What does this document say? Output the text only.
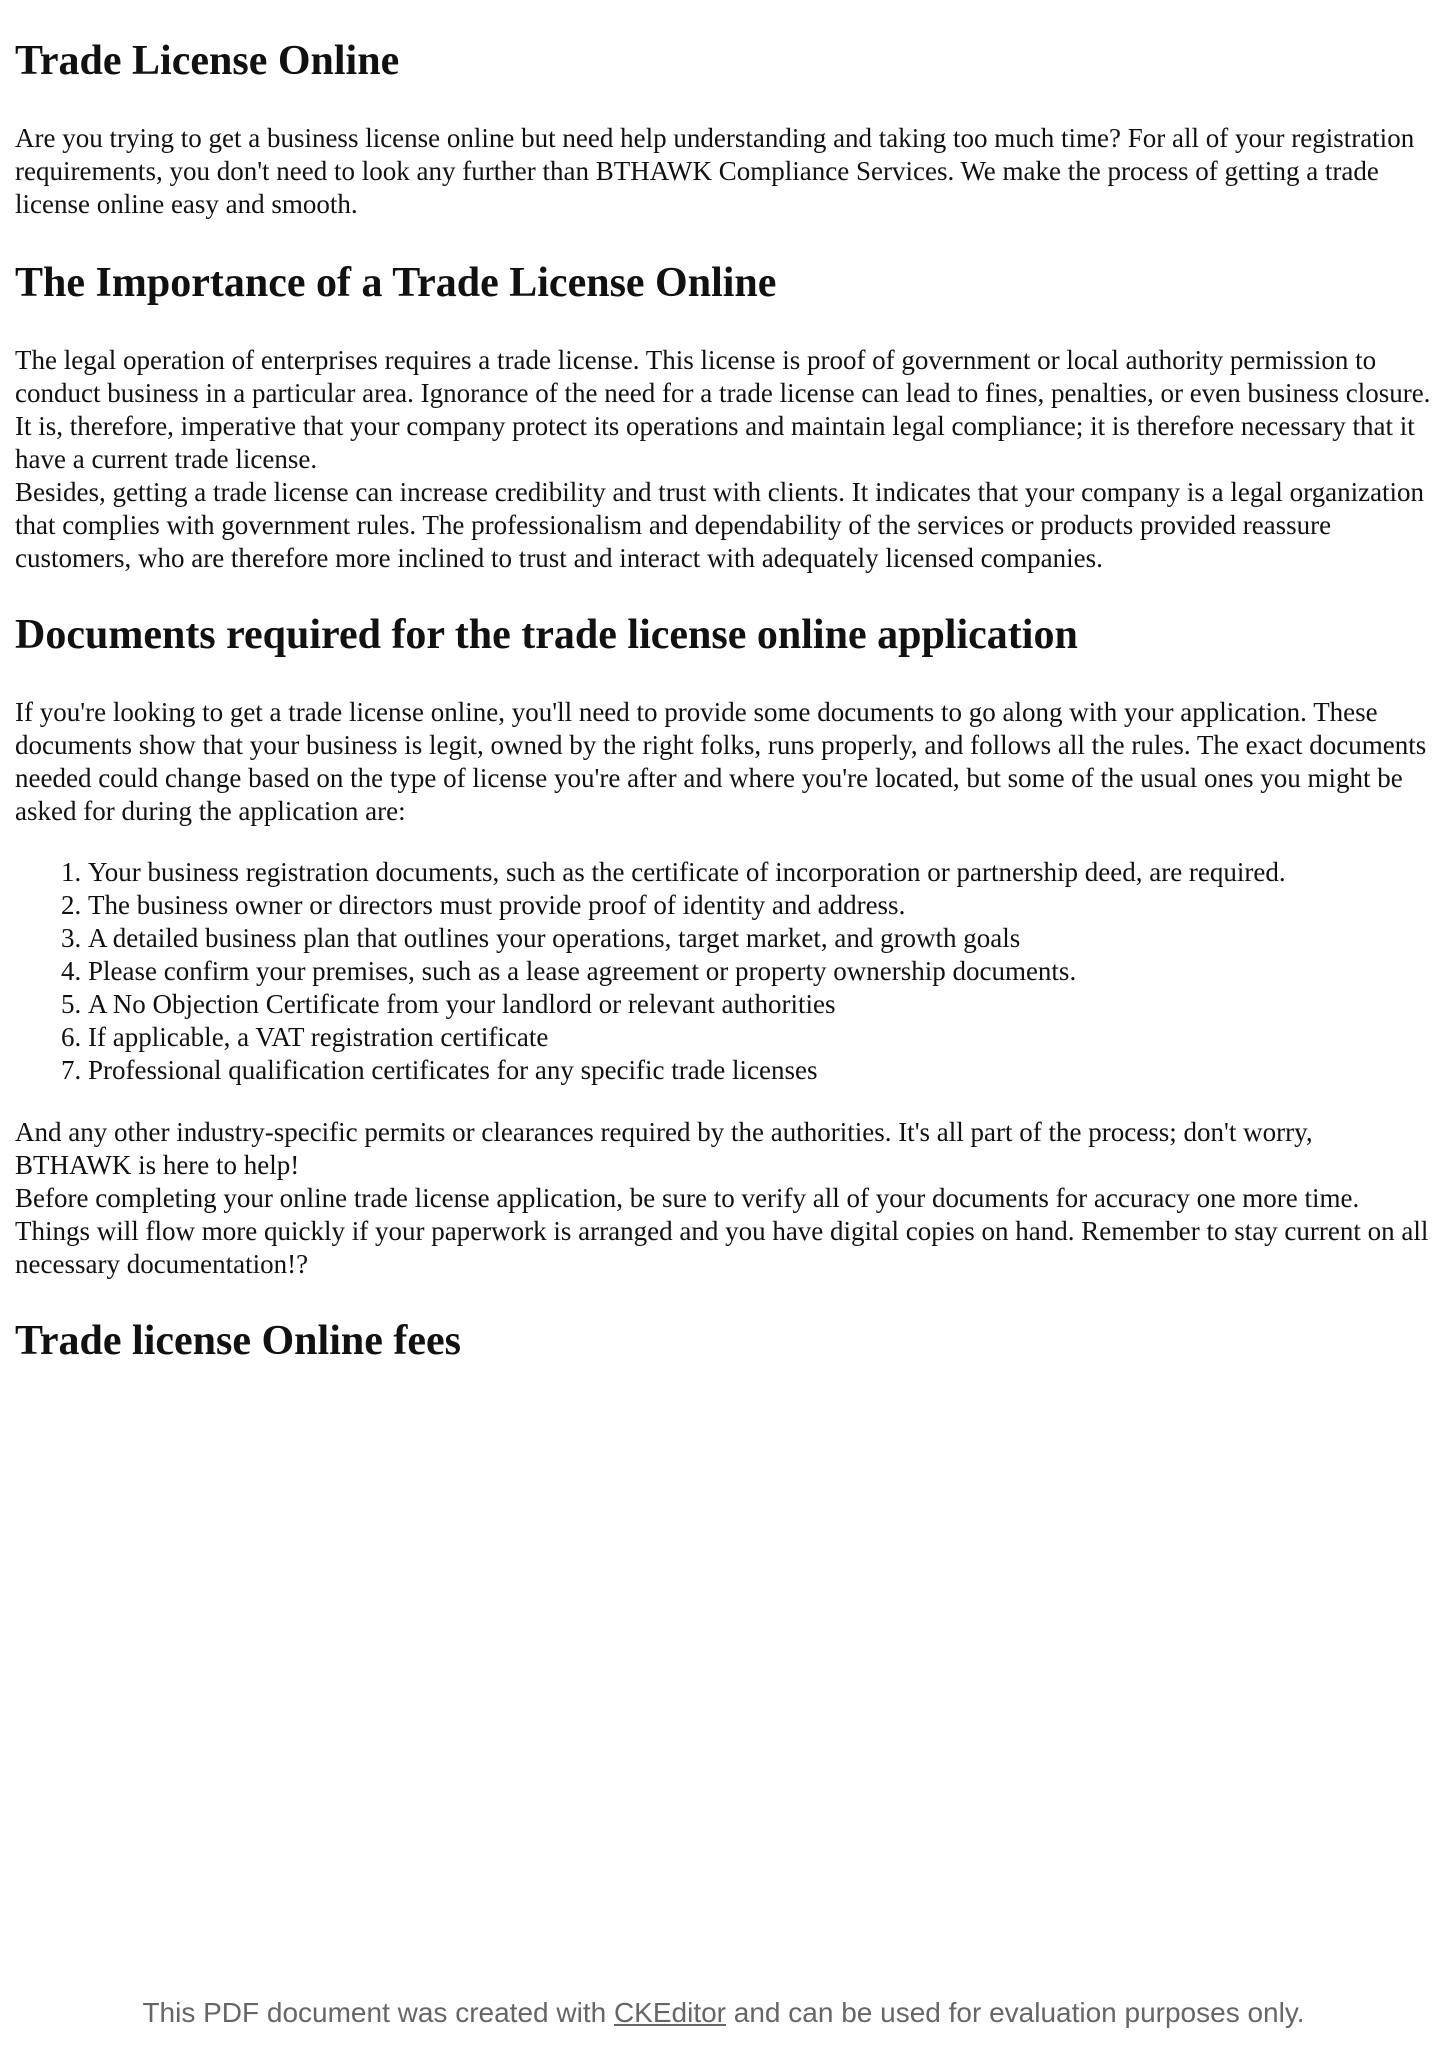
Trade License Online

Are you trying to get a business license online but need help understanding and taking too much time? For all of your registration requirements, you don't need to look any further than BTHAWK Compliance Services. We make the process of getting a trade license online easy and smooth.

The Importance of a Trade License Online

The legal operation of enterprises requires a trade license. This license is proof of government or local authority permission to conduct business in a particular area. Ignorance of the need for a trade license can lead to fines, penalties, or even business closure. It is, therefore, imperative that your company protect its operations and maintain legal compliance; it is therefore necessary that it have a current trade license.

Besides, getting a trade license can increase credibility and trust with clients. It indicates that your company is a legal organization that complies with government rules. The professionalism and dependability of the services or products provided reassure customers, who are therefore more inclined to trust and interact with adequately licensed companies.

Documents required for the trade license online application

If you're looking to get a trade license online, you'll need to provide some documents to go along with your application. These documents show that your business is legit, owned by the right folks, runs properly, and follows all the rules. The exact documents needed could change based on the type of license you're after and where you're located, but some of the usual ones you might be asked for during the application are:

1. Your business registration documents, such as the certificate of incorporation or partnership deed, are required.
2. The business owner or directors must provide proof of identity and address.
3. A detailed business plan that outlines your operations, target market, and growth goals
4. Please confirm your premises, such as a lease agreement or property ownership documents.
5. A No Objection Certificate from your landlord or relevant authorities
6. If applicable, a VAT registration certificate
7. Professional qualification certificates for any specific trade licenses

And any other industry-specific permits or clearances required by the authorities. It's all part of the process; don't worry, BTHAWK is here to help!

Before completing your online trade license application, be sure to verify all of your documents for accuracy one more time. Things will flow more quickly if your paperwork is arranged and you have digital copies on hand. Remember to stay current on all necessary documentation!?

Trade license Online fees
This PDF document was created with CKEditor and can be used for evaluation purposes only.
